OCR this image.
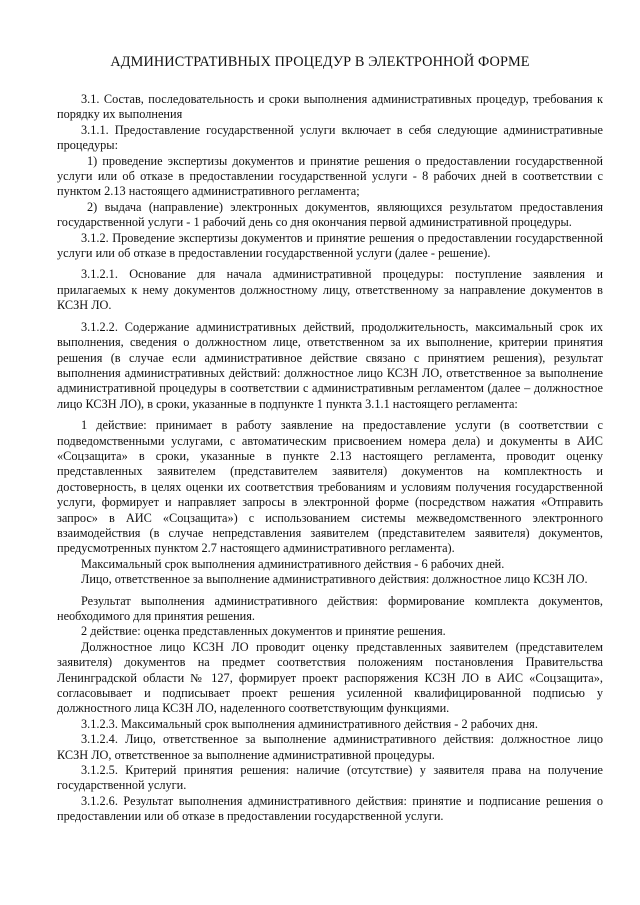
АДМИНИСТРАТИВНЫХ ПРОЦЕДУР В ЭЛЕКТРОННОЙ ФОРМЕ

3.1. Состав, последовательность и сроки выполнения административных процедур, требования к порядку их выполнения

3.1.1. Предоставление государственной услуги включает в себя следующие административные процедуры:

1) проведение экспертизы документов и принятие решения о предоставлении государственной услуги или об отказе в предоставлении государственной услуги - 8 рабочих дней в соответствии с пунктом 2.13 настоящего административного регламента;

2) выдача (направление) электронных документов, являющихся результатом предоставления государственной услуги - 1 рабочий день со дня окончания первой административной процедуры.

3.1.2. Проведение экспертизы документов и принятие решения о предоставлении государственной услуги или об отказе в предоставлении государственной услуги (далее - решение).

3.1.2.1. Основание для начала административной процедуры: поступление заявления и прилагаемых к нему документов должностному лицу, ответственному за направление документов в КСЗН ЛО.

3.1.2.2. Содержание административных действий, продолжительность, максимальный срок их выполнения, сведения о должностном лице, ответственном за их выполнение, критерии принятия решения (в случае если административное действие связано с принятием решения), результат выполнения административных действий: должностное лицо КСЗН ЛО, ответственное за выполнение административной процедуры в соответствии с административным регламентом (далее – должностное лицо КСЗН ЛО), в сроки, указанные в подпункте 1 пункта 3.1.1 настоящего регламента:

1 действие: принимает в работу заявление на предоставление услуги (в соответствии с подведомственными услугами, с автоматическим присвоением номера дела) и документы в АИС «Соцзащита» в сроки, указанные в пункте 2.13 настоящего регламента, проводит оценку представленных заявителем (представителем заявителя) документов на комплектность и достоверность, в целях оценки их соответствия требованиям и условиям получения государственной услуги, формирует и направляет запросы в электронной форме (посредством нажатия «Отправить запрос» в АИС «Соцзащита») с использованием системы межведомственного электронного взаимодействия (в случае непредставления заявителем (представителем заявителя) документов, предусмотренных пунктом 2.7 настоящего административного регламента).

Максимальный срок выполнения административного действия - 6 рабочих дней.

Лицо, ответственное за выполнение административного действия: должностное лицо КСЗН ЛО.

Результат выполнения административного действия: формирование комплекта документов, необходимого для принятия решения.

2 действие: оценка представленных документов и принятие решения.

Должностное лицо КСЗН ЛО проводит оценку представленных заявителем (представителем заявителя) документов на предмет соответствия положениям постановления Правительства Ленинградской области № 127, формирует проект распоряжения КСЗН ЛО в АИС «Соцзащита», согласовывает и подписывает проект решения усиленной квалифицированной подписью у должностного лица КСЗН ЛО, наделенного соответствующим функциями.

3.1.2.3. Максимальный срок выполнения административного действия - 2 рабочих дня.

3.1.2.4. Лицо, ответственное за выполнение административного действия: должностное лицо КСЗН ЛО, ответственное за выполнение административной процедуры.

3.1.2.5. Критерий принятия решения: наличие (отсутствие) у заявителя права на получение государственной услуги.

3.1.2.6. Результат выполнения административного действия: принятие и подписание решения о предоставлении или об отказе в предоставлении государственной услуги.
